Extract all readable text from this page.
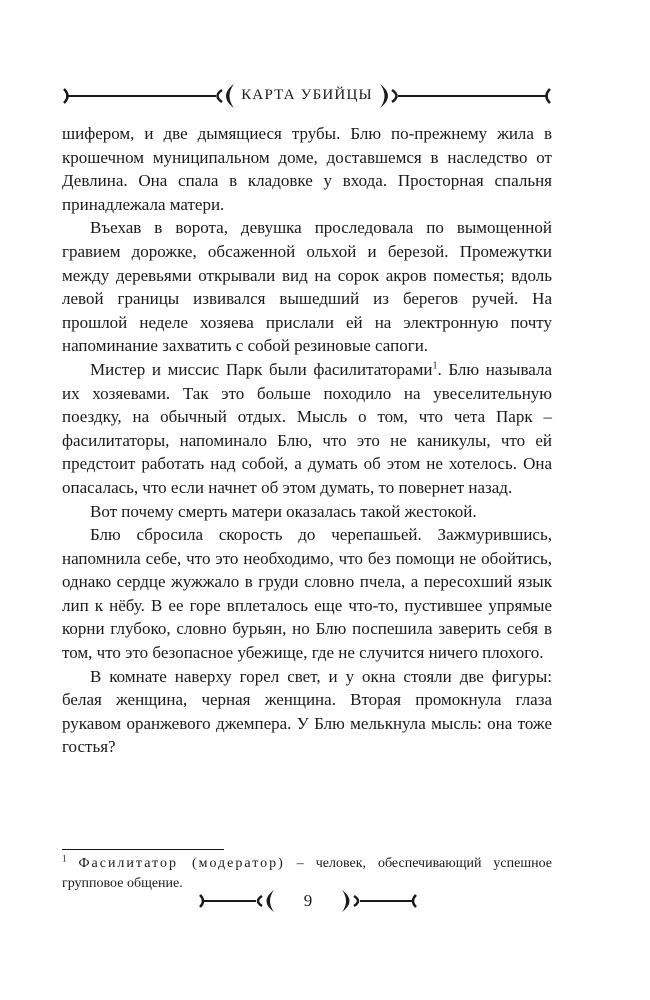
КАРТА УБИЙЦЫ

шифером, и две дымящиеся трубы. Блю по-прежнему жила в крошечном муниципальном доме, доставшемся в наследство от Девлина. Она спала в кладовке у входа. Просторная спальня принадлежала матери.

Въехав в ворота, девушка проследовала по вымощенной гравием дорожке, обсаженной ольхой и березой. Промежутки между деревьями открывали вид на сорок акров поместья; вдоль левой границы извивался вышедший из берегов ручей. На прошлой неделе хозяева прислали ей на электронную почту напоминание захватить с собой резиновые сапоги.

Мистер и миссис Парк были фасилитаторами$^1$. Блю называла их хозяевами. Так это больше походило на увеселительную поездку, на обычный отдых. Мысль о том, что чета Парк – фасилитаторы, напоминало Блю, что это не каникулы, что ей предстоит работать над собой, а думать об этом не хотелось. Она опасалась, что если начнет об этом думать, то повернет назад.

Вот почему смерть матери оказалась такой жестокой.

Блю сбросила скорость до черепашьей. Зажмурившись, напомнила себе, что это необходимо, что без помощи не обойтись, однако сердце жужжало в груди словно пчела, а пересохший язык лип к нёбу. В ее горе вплеталось еще что-то, пустившее упрямые корни глубоко, словно бурьян, но Блю поспешила заверить себя в том, что это безопасное убежище, где не случится ничего плохого.

В комнате наверху горел свет, и у окна стояли две фигуры: белая женщина, черная женщина. Вторая промокнула глаза рукавом оранжевого джемпера. У Блю мелькнула мысль: она тоже гостья?

$^1$ Фасилитатор (модератор) – человек, обеспечивающий успешное групповое общение.
9
